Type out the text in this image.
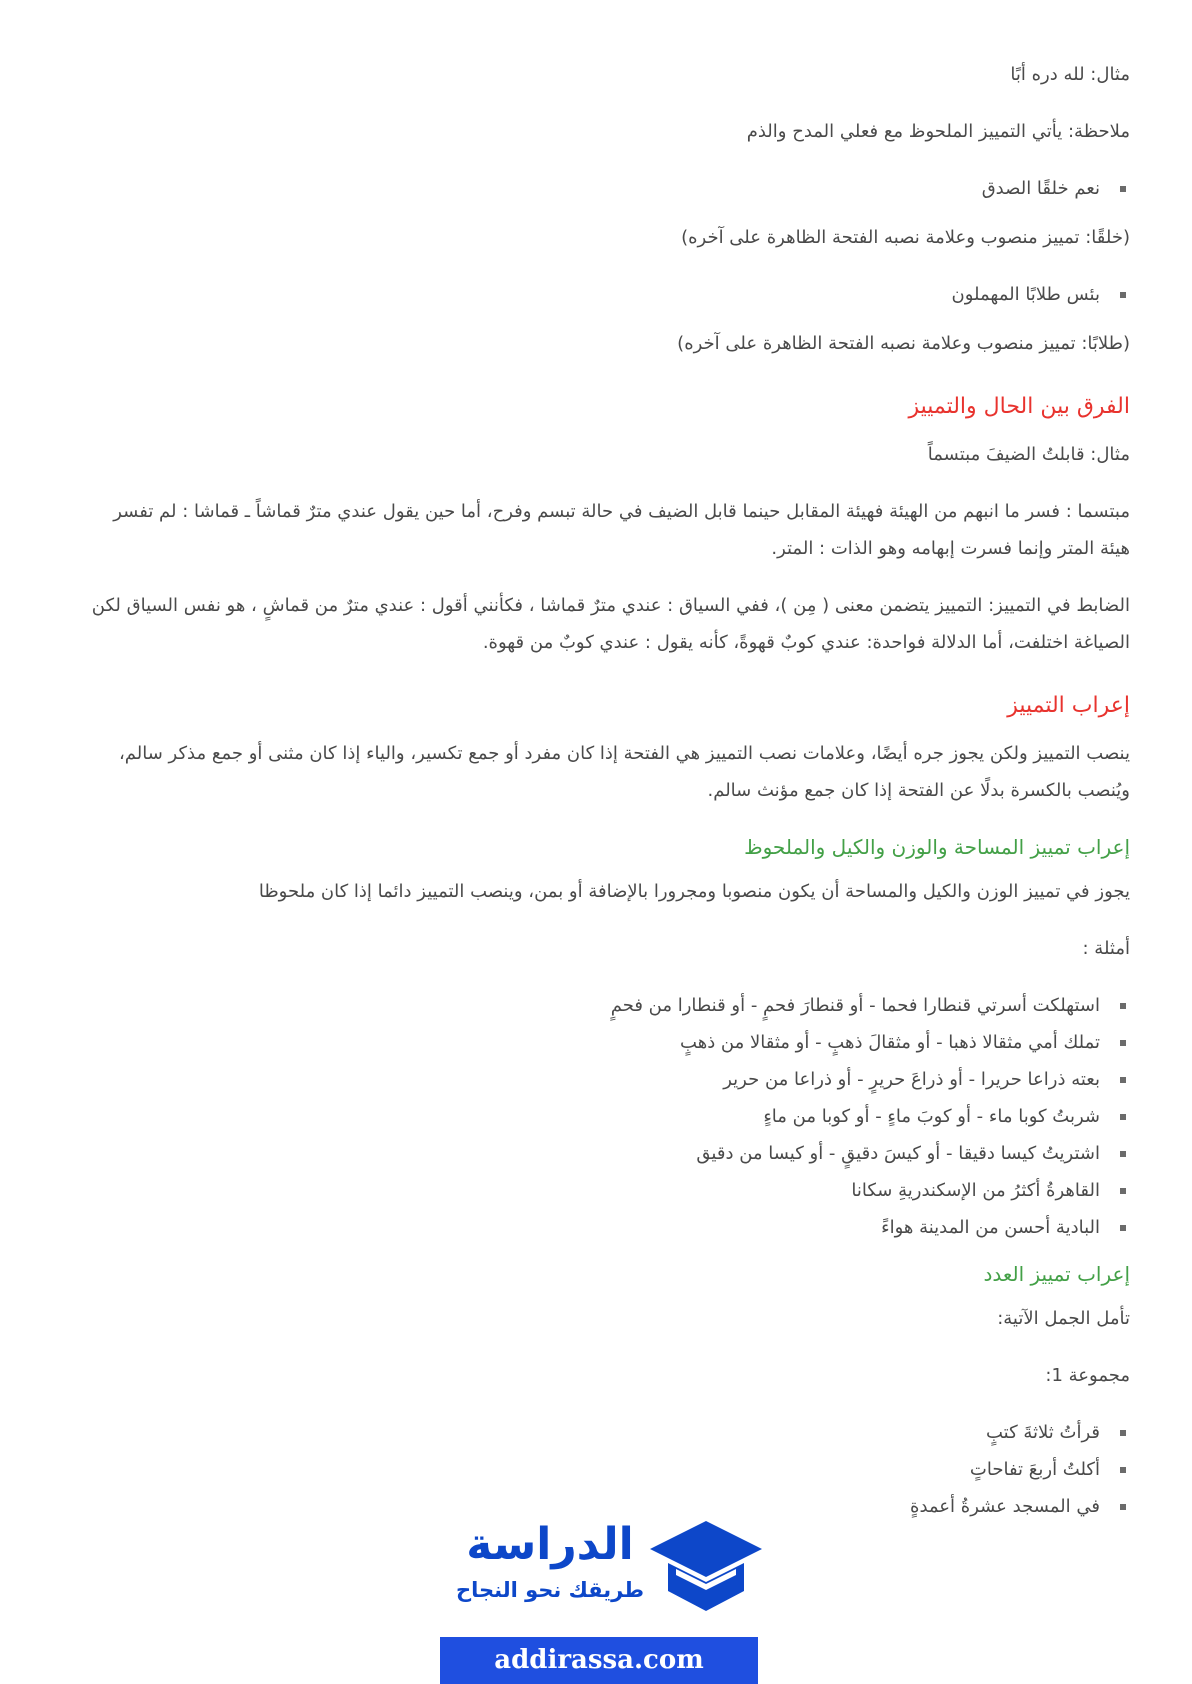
مثال: لله دره أبًا

ملاحظة: يأتي التمييز الملحوظ مع فعلي المدح والذم

نعم خلقًا الصدق

(خلقًا: تمييز منصوب وعلامة نصبه الفتحة الظاهرة على آخره)

بئس طلابًا المهملون

(طلابًا: تمييز منصوب وعلامة نصبه الفتحة الظاهرة على آخره)

الفرق بين الحال والتمييز

مثال: قابلتُ الضيفَ مبتسماً

مبتسما : فسر ما انبهم من الهيئة فهيئة المقابل حينما قابل الضيف في حالة تبسم وفرح، أما حين يقول عندي مترٌ قماشاً ـ قماشا : لم تفسر هيئة المتر وإنما فسرت إبهامه وهو الذات : المتر.

الضابط في التمييز: التمييز يتضمن معنى ( مِن )، ففي السياق : عندي مترٌ قماشا ، فكأنني أقول : عندي مترٌ من قماشٍ ، هو نفس السياق لكن الصياغة اختلفت، أما الدلالة فواحدة: عندي كوبٌ قهوةً، كأنه يقول : عندي كوبٌ من قهوة.

إعراب التمييز

ينصب التمييز ولكن يجوز جره أيضًا، وعلامات نصب التمييز هي الفتحة إذا كان مفرد أو جمع تكسير، والياء إذا كان مثنى أو جمع مذكر سالم، ويُنصب بالكسرة بدلًا عن الفتحة إذا كان جمع مؤنث سالم.

إعراب تمييز المساحة والوزن والكيل والملحوظ

يجوز في تمييز الوزن والكيل والمساحة أن يكون منصوبا ومجرورا بالإضافة أو بمن، وينصب التمييز دائما إذا كان ملحوظا

أمثلة :

استهلكت أسرتي قنطارا فحما - أو قنطارَ فحمٍ - أو قنطارا من فحمٍ
تملك أمي مثقالا ذهبا - أو مثقالَ ذهبٍ - أو مثقالا من ذهبٍ
بعته ذراعا حريرا - أو ذراعَ حريرٍ - أو ذراعا من حرير
شربتُ كوبا ماء - أو كوبَ ماءٍ - أو كوبا من ماءٍ
اشتريتُ كيسا دقيقا - أو كيسَ دقيقٍ - أو كيسا من دقيق
القاهرةُ أكثرُ من الإسكندريةِ سكانا
البادية أحسن من المدينة هواءً
إعراب تمييز العدد

تأمل الجمل الآتية:

مجموعة 1:

قرأتُ ثلاثةَ كتبٍ
أكلتُ أربعَ تفاحاتٍ
في المسجد عشرةُ أعمدةٍ
الدراسة
طريقك نحو النجاح
addirassa.com
